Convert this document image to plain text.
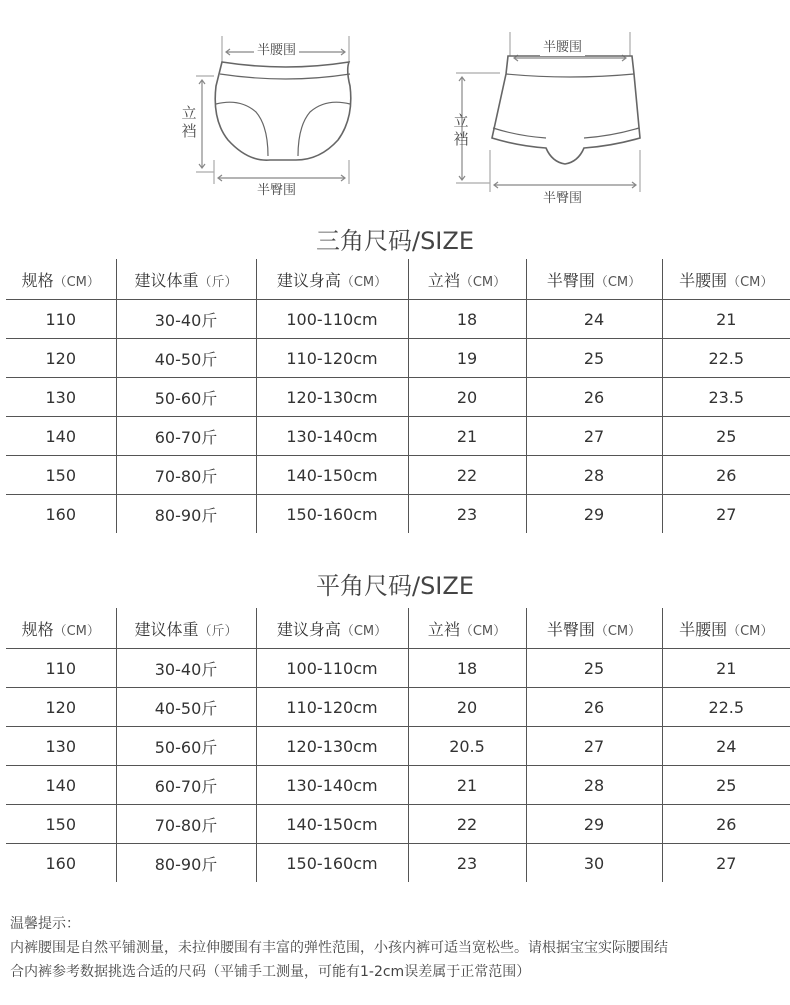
半腰围
立裆
半臀围
半腰围
立裆
半臀围
三角尺码/SIZE
规格（CM）	建议体重（斤）	建议身高（CM）	立裆（CM）	半臀围（CM）	半腰围（CM）
110	30-40斤	100-110cm	18	24	21
120	40-50斤	110-120cm	19	25	22.5
130	50-60斤	120-130cm	20	26	23.5
140	60-70斤	130-140cm	21	27	25
150	70-80斤	140-150cm	22	28	26
160	80-90斤	150-160cm	23	29	27
平角尺码/SIZE
规格（CM）	建议体重（斤）	建议身高（CM）	立裆（CM）	半臀围（CM）	半腰围（CM）
110	30-40斤	100-110cm	18	25	21
120	40-50斤	110-120cm	20	26	22.5
130	50-60斤	120-130cm	20.5	27	24
140	60-70斤	130-140cm	21	28	25
150	70-80斤	140-150cm	22	29	26
160	80-90斤	150-160cm	23	30	27

温馨提示：

内裤腰围是自然平铺测量，未拉伸腰围有丰富的弹性范围，小孩内裤可适当宽松些。请根据宝宝实际腰围结

合内裤参考数据挑选合适的尺码（平铺手工测量，可能有1-2cm误差属于正常范围）
